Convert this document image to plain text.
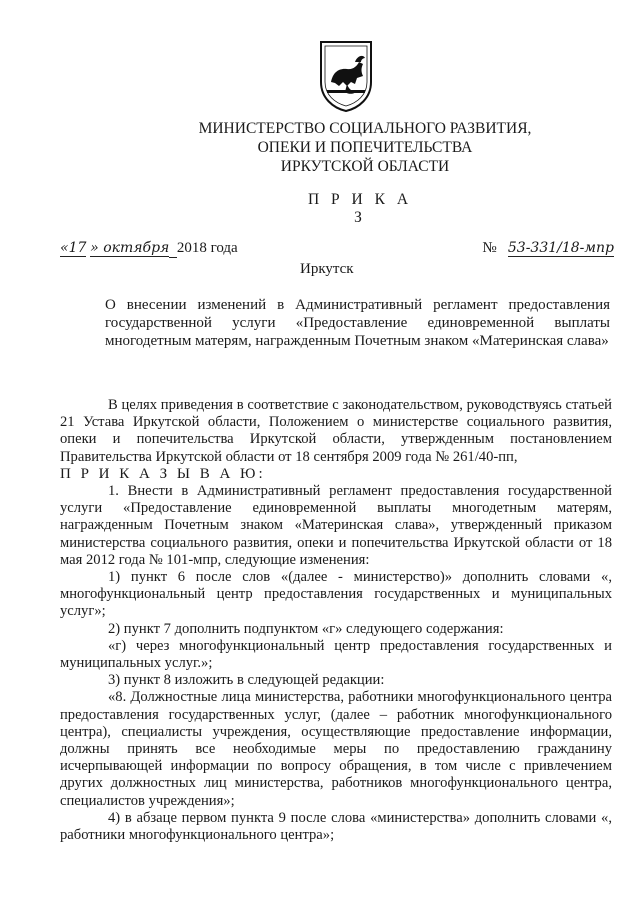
МИНИСТЕРСТВО СОЦИАЛЬНОГО РАЗВИТИЯ,
ОПЕКИ И ПОПЕЧИТЕЛЬСТВА
ИРКУТСКОЙ ОБЛАСТИ
П Р И К А З
«17 » октября 2018 года	№ 53-331/18-мпр
Иркутск
О внесении изменений в Административный регламент предоставления государственной услуги «Предоставление единовременной выплаты многодетным матерям, награжденным Почетным знаком «Материнская слава»

В целях приведения в соответствие с законодательством, руководствуясь статьей 21 Устава Иркутской области, Положением о министерстве социального развития, опеки и попечительства Иркутской области, утвержденным постановлением Правительства Иркутской области от 18 сентября 2009 года № 261/40-пп,

П Р И К А З Ы В А Ю:

1. Внести в Административный регламент предоставления государственной услуги «Предоставление единовременной выплаты многодетным матерям, награжденным Почетным знаком «Материнская слава», утвержденный приказом министерства социального развития, опеки и попечительства Иркутской области от 18 мая 2012 года № 101-мпр, следующие изменения:

1) пункт 6 после слов «(далее - министерство)» дополнить словами «, многофункциональный центр предоставления государственных и муниципальных услуг»;

2) пункт 7 дополнить подпунктом «г» следующего содержания:

«г) через многофункциональный центр предоставления государственных и муниципальных услуг.»;

3) пункт 8 изложить в следующей редакции:

«8. Должностные лица министерства, работники многофункционального центра предоставления государственных услуг, (далее – работник многофункционального центра), специалисты учреждения, осуществляющие предоставление информации, должны принять все необходимые меры по предоставлению гражданину исчерпывающей информации по вопросу обращения, в том числе с привлечением других должностных лиц министерства, работников многофункционального центра, специалистов учреждения»;

4) в абзаце первом пункта 9 после слова «министерства» дополнить словами «, работники многофункционального центра»;
